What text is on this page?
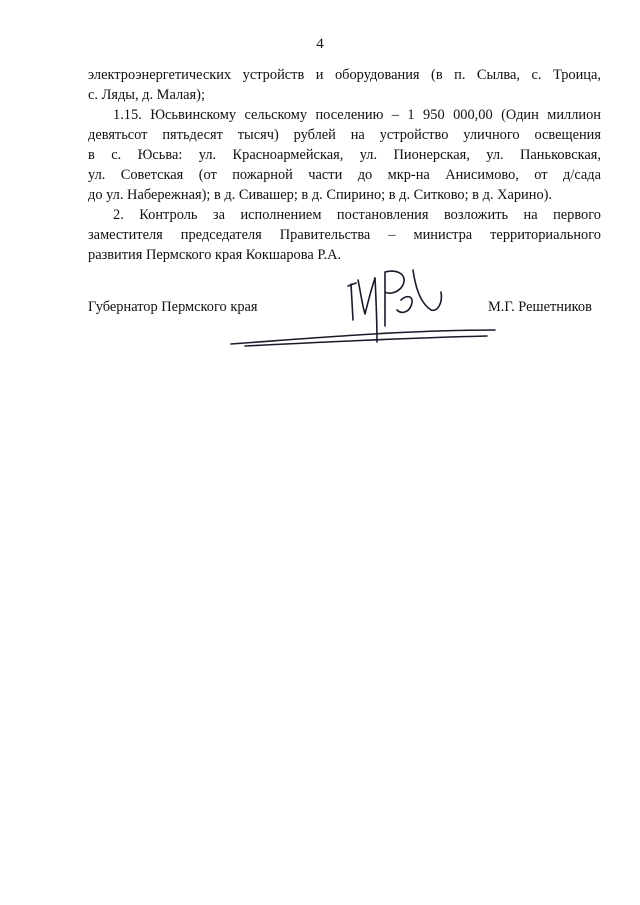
4
электроэнергетических устройств и оборудования (в п. Сылва, с. Троица,
с. Ляды, д. Малая);
1.15. Юсьвинскому сельскому поселению – 1 950 000,00 (Один миллион
девятьсот пятьдесят тысяч) рублей на устройство уличного освещения
в с. Юсьва: ул. Красноармейская, ул. Пионерская, ул. Паньковская,
ул. Советская (от пожарной части до мкр-на Анисимово, от д/сада
до ул. Набережная); в д. Сивашер; в д. Спирино; в д. Ситково; в д. Харино).
2. Контроль за исполнением постановления возложить на первого
заместителя председателя Правительства – министра территориального
развития Пермского края Кокшарова Р.А.
Губернатор Пермского края	М.Г. Решетников
